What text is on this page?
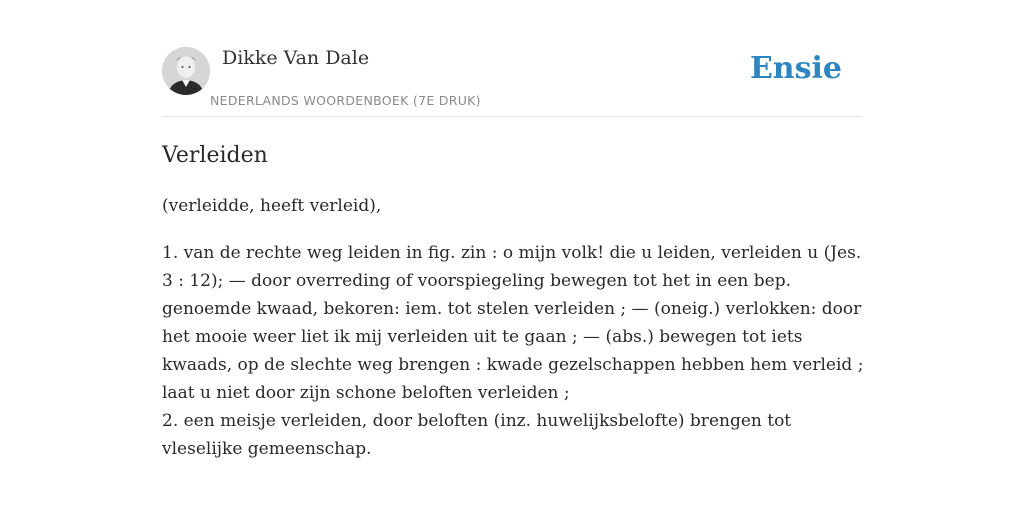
Dikke Van Dale
NEDERLANDS WOORDENBOEK (7E DRUK)
Ensie
Verleiden

(verleidde, heeft verleid),

1. van de rechte weg leiden in fig. zin : o mijn volk! die u leiden, verleiden u (Jes.
3 : 12); — door overreding of voorspiegeling bewegen tot het in een bep.
genoemde kwaad, bekoren: iem. tot stelen verleiden ; — (oneig.) verlokken: door
het mooie weer liet ik mij verleiden uit te gaan ; — (abs.) bewegen tot iets
kwaads, op de slechte weg brengen : kwade gezelschappen hebben hem verleid ;
laat u niet door zijn schone beloften verleiden ;
2. een meisje verleiden, door beloften (inz. huwelijksbelofte) brengen tot
vleselijke gemeenschap.
